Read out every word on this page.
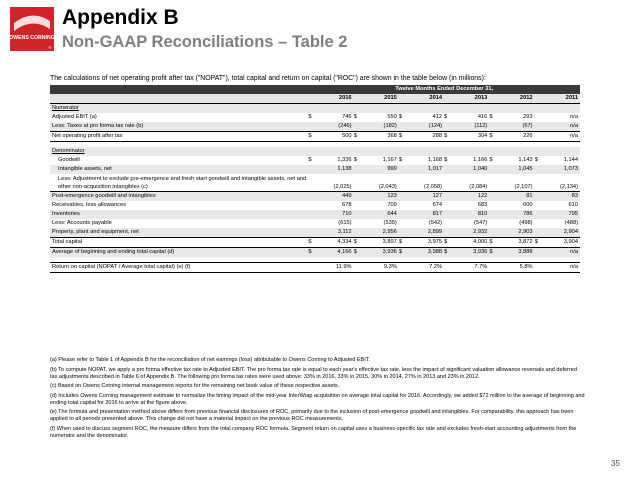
OWENS CORNING
®
Appendix B
Non-GAAP Reconciliations – Table 2
The calculations of net operating profit after tax ("NOPAT"), total capital and return on capital ("ROC") are shown in the table below (in millions):
	Twelve Months Ended December 31,											
	2016		2015		2014		2013		2012		2011	
Numerator												
Adjusted EBIT (a)	$	746	$	550	$	412	$	416	$	293		n/a
Less: Taxes at pro forma tax rate (b)		(246)		(182)		(124)		(112)		(67)		n/a
Net operating profit after tax	$	500	$	368	$	288	$	304	$	226		n/a

Denominator												
Goodwill	$	1,336	$	1,167	$	1,168	$	1,166	$	1,143	$	1,144
Intangible assets, net		1,138		999		1,017		1,040		1,045		1,073
Less: Adjustment to exclude pre-emergence and fresh start goodwill and intangible assets, net and other non-acquisition intangibles (c)		(2,025)		(2,043)		(2,058)		(2,084)		(2,107)		(2,134)
Post-emergence goodwill and intangibles		449		123		127		122		81		83
Receivables, less allowances		678		709		674		683		600		610
Inventories		710		644		817		810		786		795
Less: Accounts payable		(615)		(535)		(542)		(547)		(498)		(488)
Property, plant and equipment, net		3,112		2,956		2,899		2,932		2,903		2,904
Total capital	$	4,334	$	3,897	$	3,975	$	4,000	$	3,872	$	3,904
Average of beginning and ending total capital (d)	$	4,166	$	3,936	$	3,988	$	3,936	$	3,888		n/a

Return on capital (NOPAT / Average total capital) (e) (f)		11.9%		9.3%		7.2%		7.7%		5.8%		n/a

(a) Please refer to Table 1 of Appendix B for the reconciliation of net earnings (loss) attributable to Owens Corning to Adjusted EBIT.

(b) To compute NOPAT, we apply a pro forma effective tax rate to Adjusted EBIT. The pro forma tax rate is equal to each year's effective tax rate, less the impact of significant valuation allowance reversals and deferred tax adjustments described in Table 6 of Appendix B. The following pro forma tax rates were used above: 33% in 2016, 33% in 2015, 30% in 2014, 27% in 2013 and 23% in 2012.

(c) Based on Owens Corning internal management reports for the remaining net book value of these respective assets.

(d) Includes Owens Corning management estimate to normalize the timing impact of the mid-year InterWrap acquisition on average total capital for 2016. Accordingly, we added $72 million to the average of beginning and ending total capital for 2016 to arrive at the figure above.

(e) The formula and presentation method above differs from previous financial disclosures of ROC, primarily due to the inclusion of post-emergence goodwill and intangibles. For comparability, this approach has been applied to all periods presented above. This change did not have a material impact on the previous ROC measurements.

(f) When used to discuss segment ROC, the measure differs from the total company ROC formula. Segment return on capital uses a business-specific tax rate and excludes fresh-start accounting adjustments from the numerator and the denominator.

35
